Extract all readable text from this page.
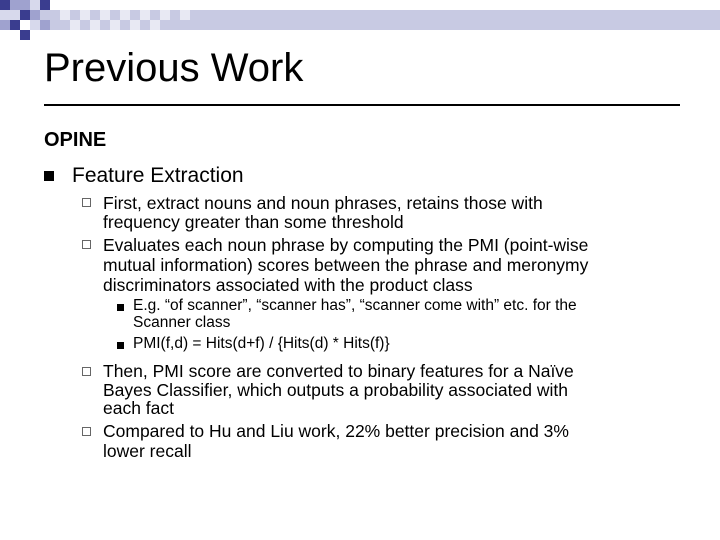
Previous Work
OPINE
Feature Extraction
First, extract nouns and noun phrases, retains those with
frequency greater than some threshold
Evaluates each noun phrase by computing the PMI (point-wise
mutual information) scores between the phrase and meronymy
discriminators associated with the product class
E.g. “of scanner”, “scanner has”, “scanner come with” etc. for the
Scanner class
PMI(f,d) = Hits(d+f) / {Hits(d) * Hits(f)}
Then, PMI score are converted to binary features for a Naïve
Bayes Classifier, which outputs a probability associated with
each fact
Compared to Hu and Liu work, 22% better precision and 3%
lower recall
